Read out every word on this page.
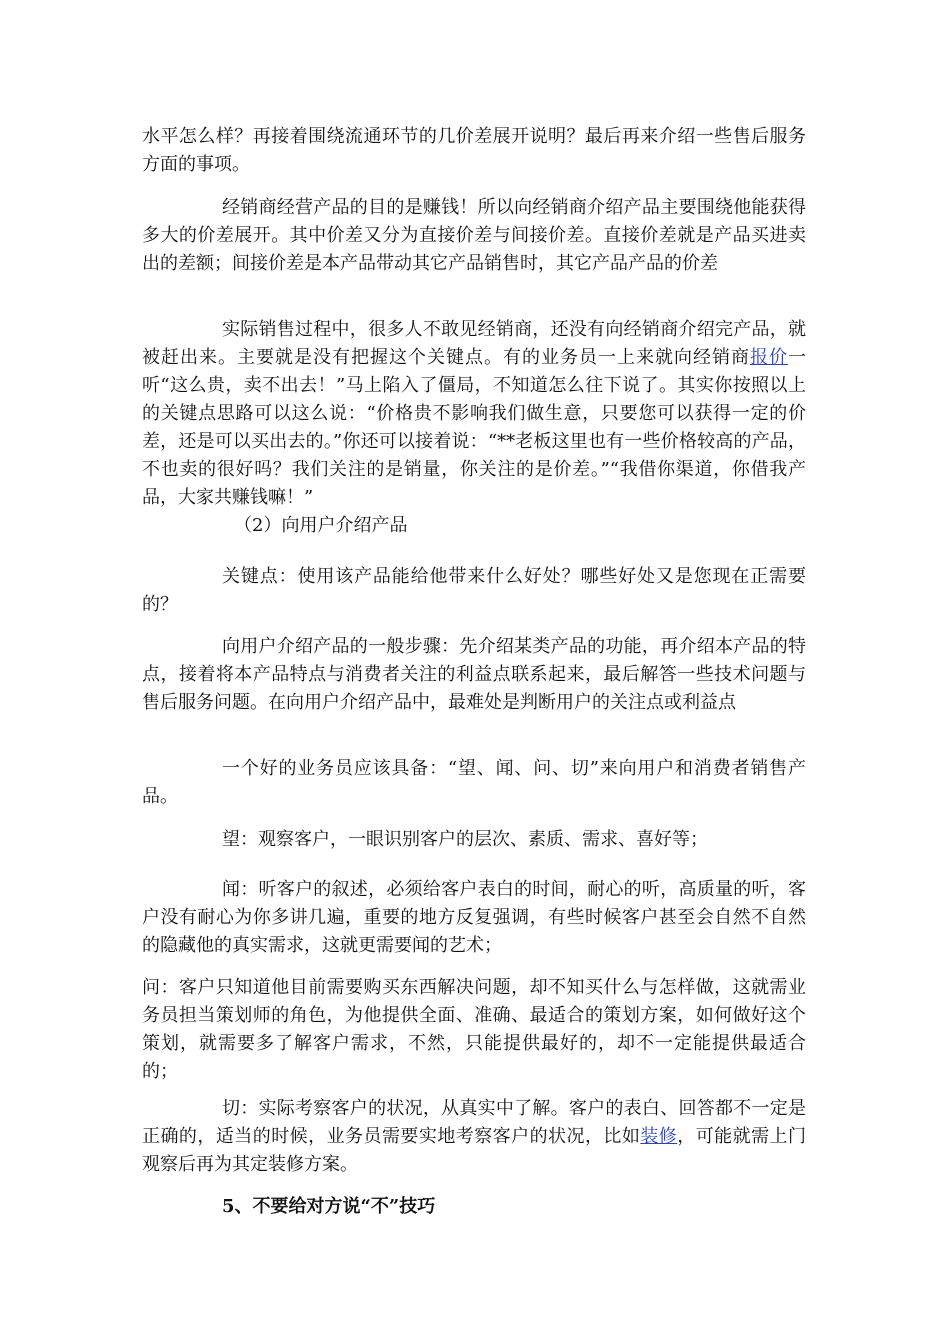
水平怎么样？再接着围绕流通环节的几价差展开说明？最后再来介绍一些售后服务方面的事项。

经销商经营产品的目的是赚钱！所以向经销商介绍产品主要围绕他能获得多大的价差展开。其中价差又分为直接价差与间接价差。直接价差就是产品买进卖出的差额；间接价差是本产品带动其它产品销售时，其它产品产品的价差

实际销售过程中，很多人不敢见经销商，还没有向经销商介绍完产品，就被赶出来。主要就是没有把握这个关键点。有的业务员一上来就向经销商报价一听“这么贵，卖不出去！”马上陷入了僵局，不知道怎么往下说了。其实你按照以上的关键点思路可以这么说：“价格贵不影响我们做生意，只要您可以获得一定的价差，还是可以买出去的。”你还可以接着说：“**老板这里也有一些价格较高的产品，不也卖的很好吗？我们关注的是销量，你关注的是价差。”“我借你渠道，你借我产品，大家共赚钱嘛！”

（2）向用户介绍产品

关键点：使用该产品能给他带来什么好处？哪些好处又是您现在正需要的？

向用户介绍产品的一般步骤：先介绍某类产品的功能，再介绍本产品的特点，接着将本产品特点与消费者关注的利益点联系起来，最后解答一些技术问题与售后服务问题。在向用户介绍产品中，最难处是判断用户的关注点或利益点

一个好的业务员应该具备：“望、闻、问、切”来向用户和消费者销售产品。

望：观察客户，一眼识别客户的层次、素质、需求、喜好等；

闻：听客户的叙述，必须给客户表白的时间，耐心的听，高质量的听，客户没有耐心为你多讲几遍，重要的地方反复强调，有些时候客户甚至会自然不自然的隐藏他的真实需求，这就更需要闻的艺术；

问：客户只知道他目前需要购买东西解决问题，却不知买什么与怎样做，这就需业务员担当策划师的角色，为他提供全面、准确、最适合的策划方案，如何做好这个策划，就需要多了解客户需求，不然，只能提供最好的，却不一定能提供最适合的；

切：实际考察客户的状况，从真实中了解。客户的表白、回答都不一定是正确的，适当的时候，业务员需要实地考察客户的状况，比如装修，可能就需上门观察后再为其定装修方案。

5、不要给对方说“不”技巧
